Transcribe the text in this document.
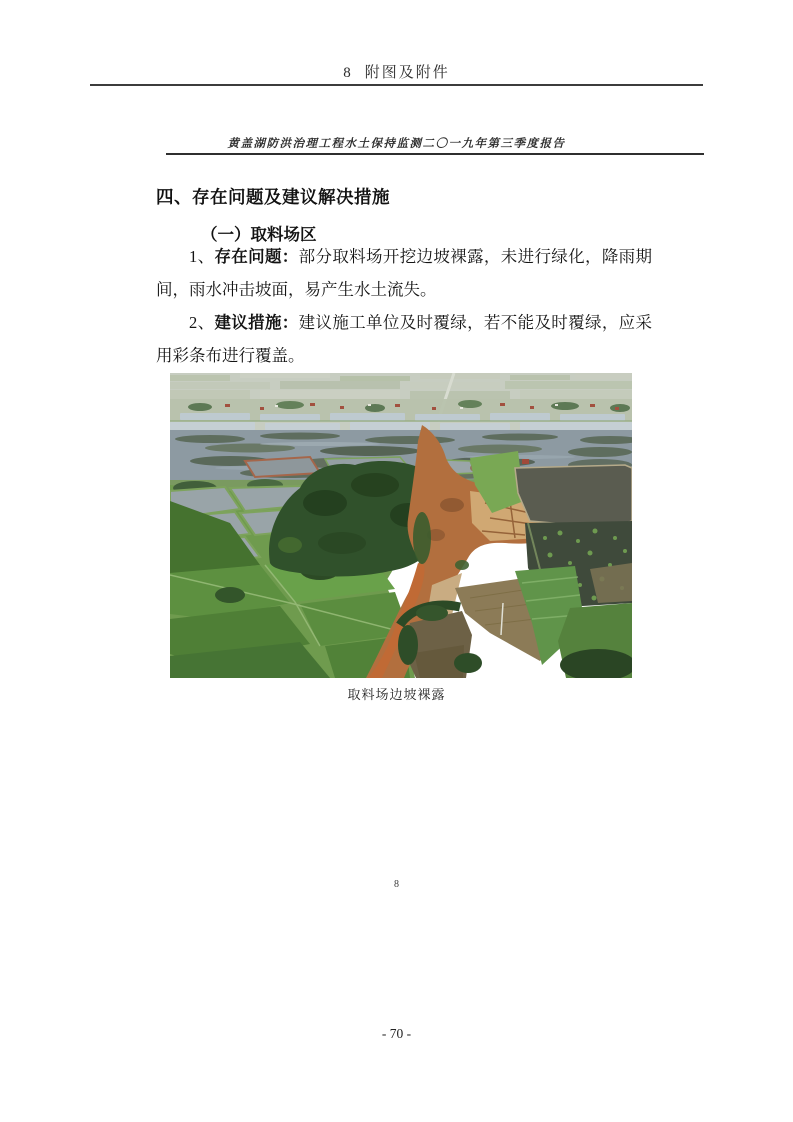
8 附图及附件
黄盖湖防洪治理工程水土保持监测二〇一九年第三季度报告
四、存在问题及建议解决措施
（一）取料场区
1、存在问题：部分取料场开挖边坡裸露，未进行绿化，降雨期间，雨水冲击坡面，易产生水土流失。
2、建议措施：建议施工单位及时覆绿，若不能及时覆绿，应采用彩条布进行覆盖。
取料场边坡裸露
8
- 70 -
